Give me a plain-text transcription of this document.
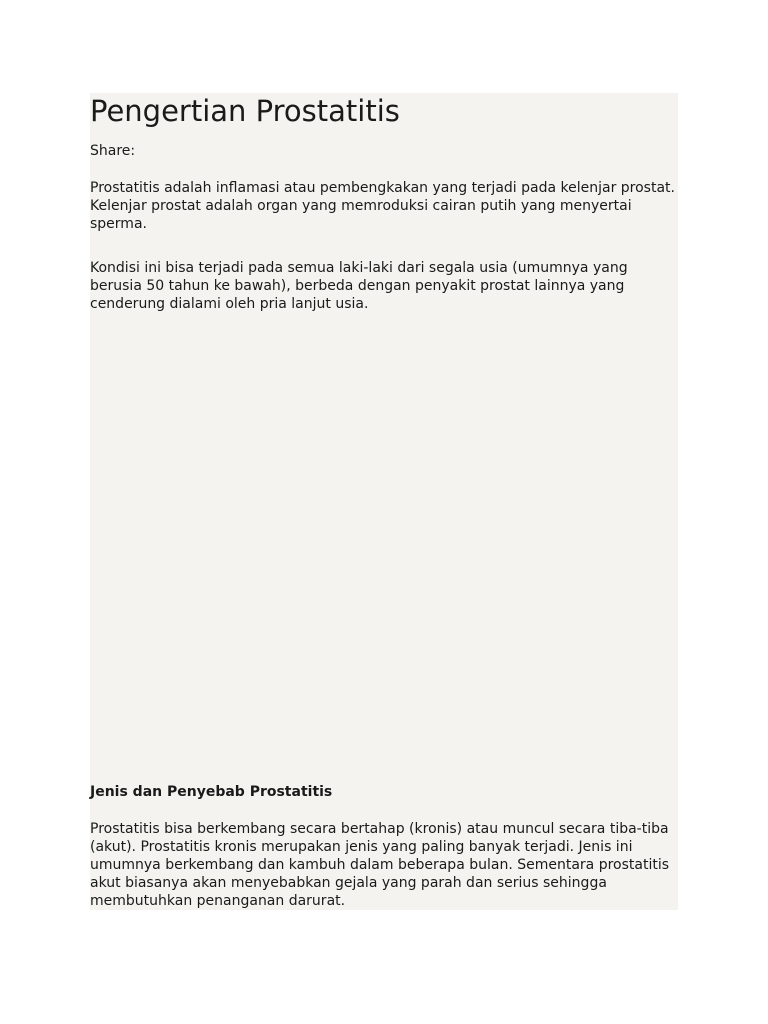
Pengertian Prostatitis

Share:

Prostatitis adalah inflamasi atau pembengkakan yang terjadi pada kelenjar prostat. Kelenjar prostat adalah organ yang memroduksi cairan putih yang menyertai sperma.

Kondisi ini bisa terjadi pada semua laki-laki dari segala usia (umumnya yang berusia 50 tahun ke bawah), berbeda dengan penyakit prostat lainnya yang cenderung dialami oleh pria lanjut usia.

Jenis dan Penyebab Prostatitis

Prostatitis bisa berkembang secara bertahap (kronis) atau muncul secara tiba-tiba (akut). Prostatitis kronis merupakan jenis yang paling banyak terjadi. Jenis ini umumnya berkembang dan kambuh dalam beberapa bulan. Sementara prostatitis akut biasanya akan menyebabkan gejala yang parah dan serius sehingga membutuhkan penanganan darurat.
